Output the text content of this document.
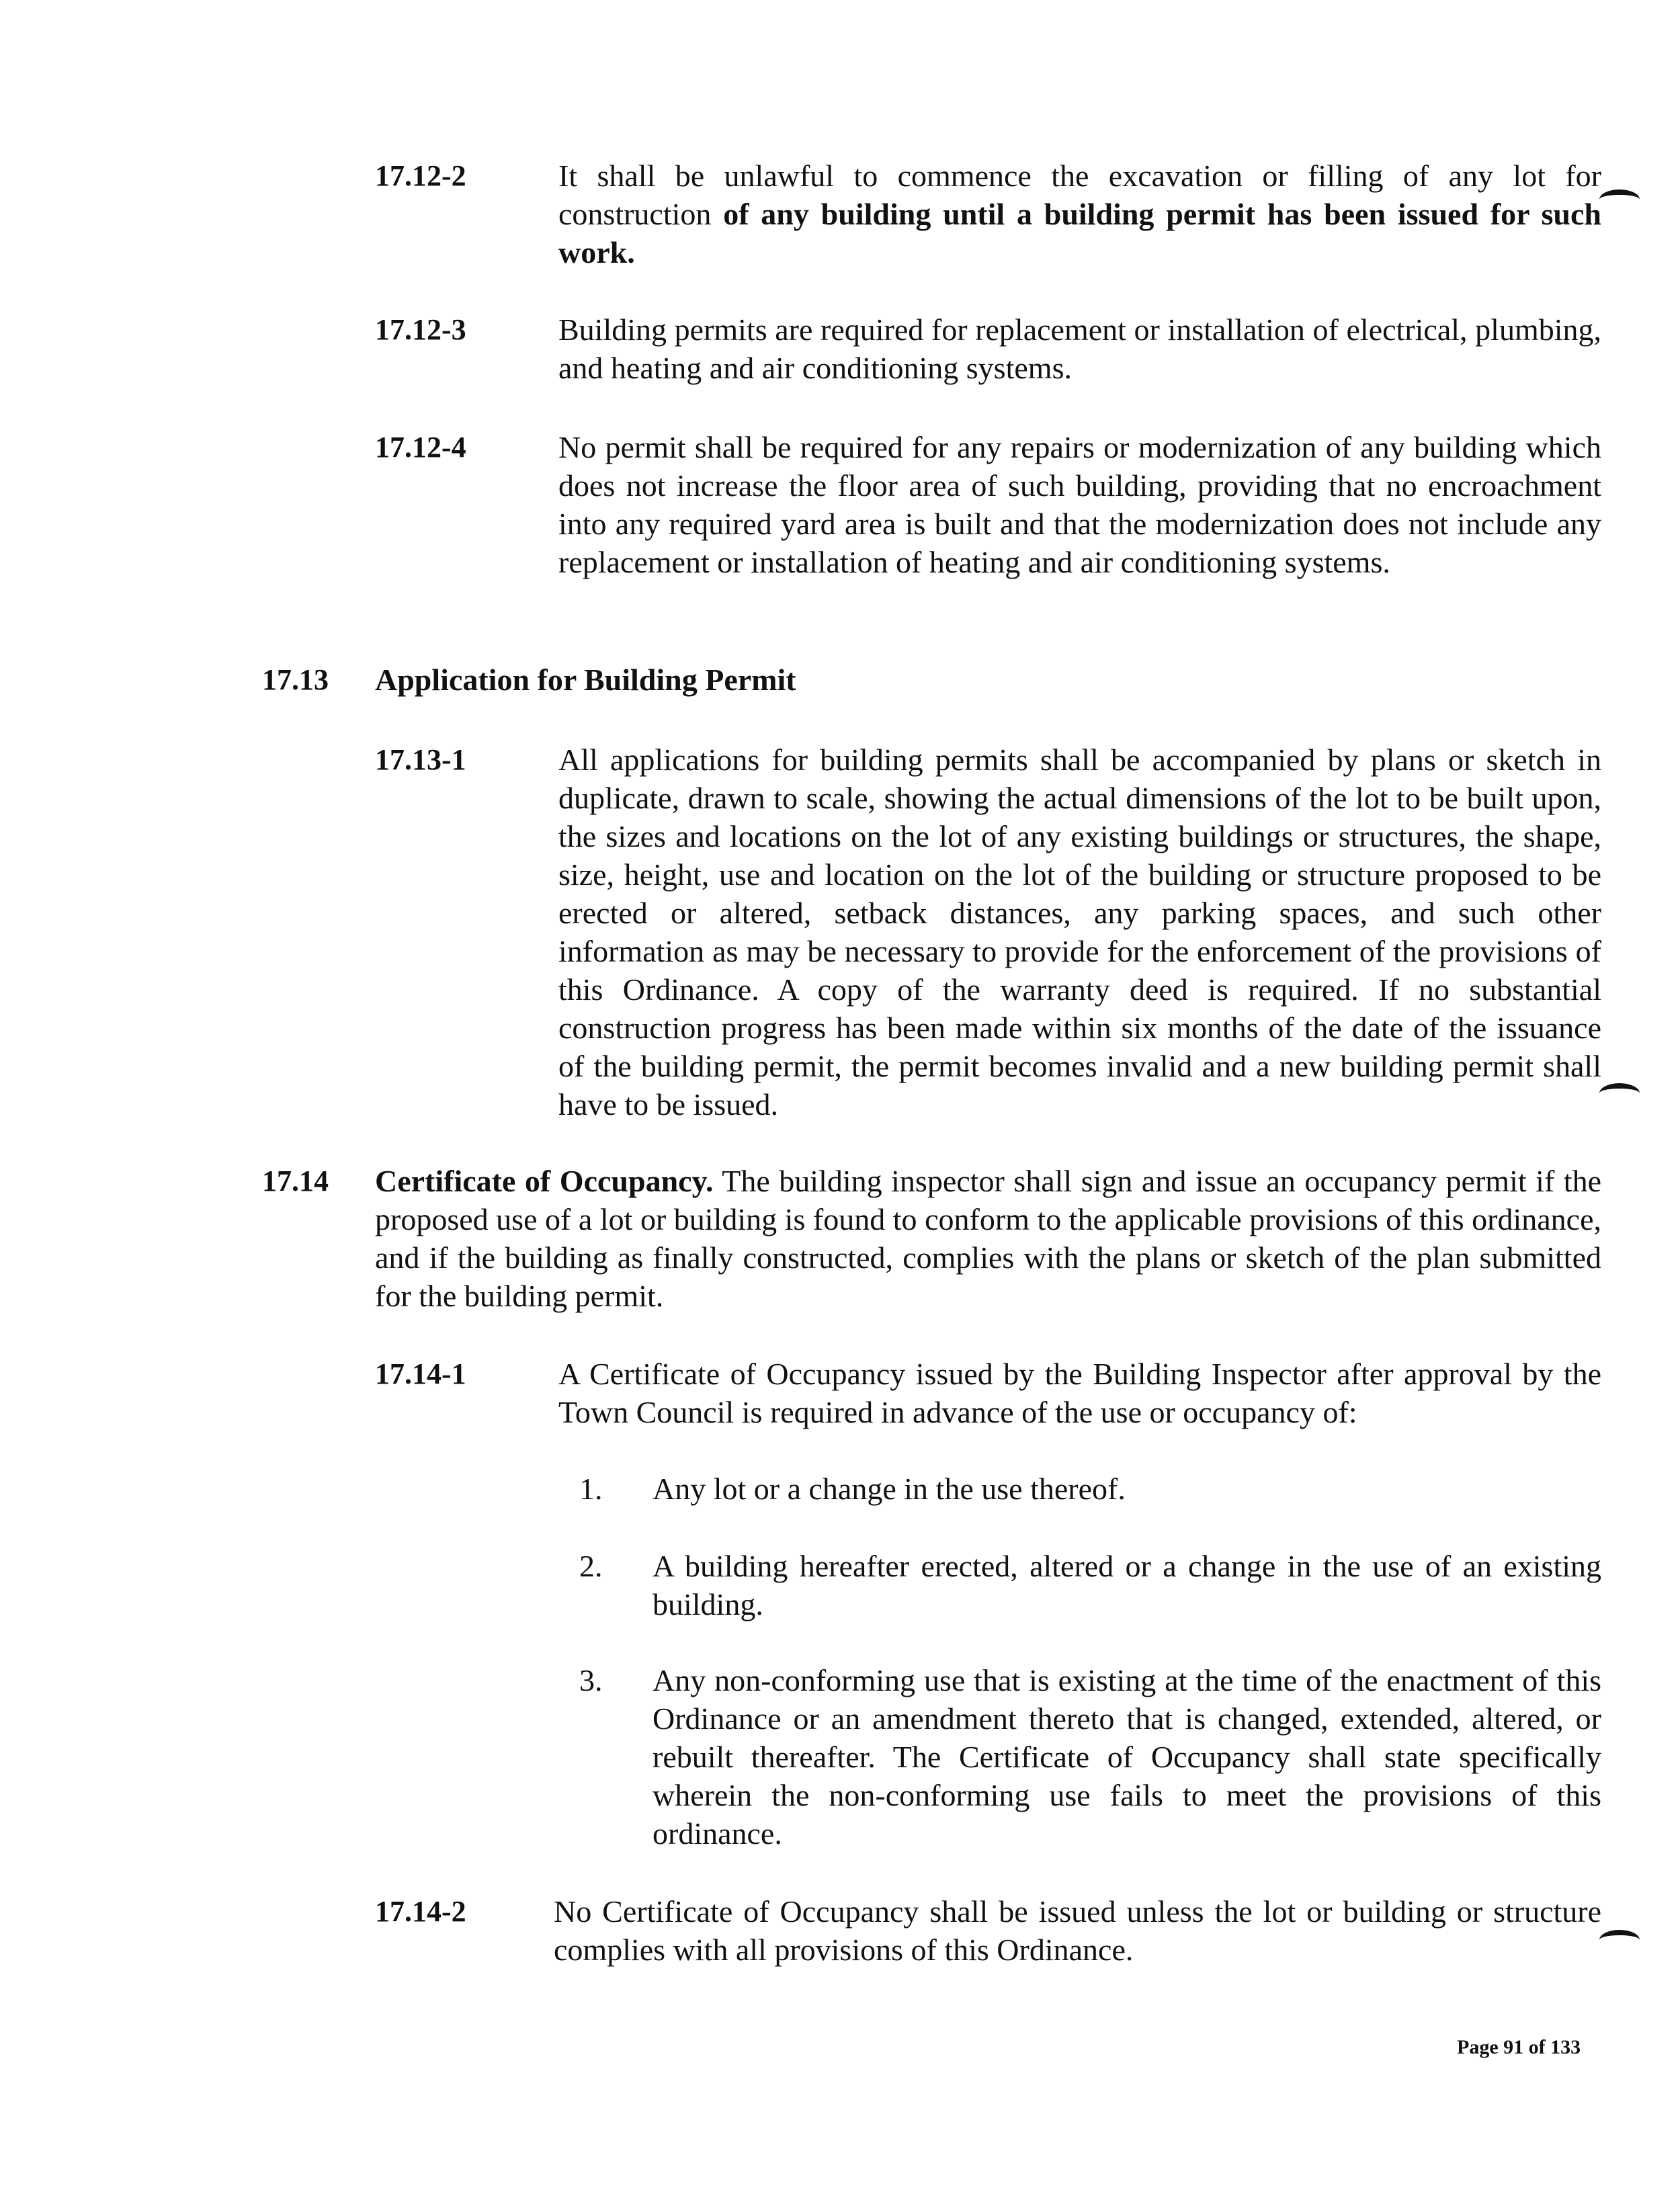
17.12-2	It shall be unlawful to commence the excavation or filling of any lot for construction of any building until a building permit has been issued for such work.
17.12-3	Building permits are required for replacement or installation of electrical, plumbing, and heating and air conditioning systems.
17.12-4	No permit shall be required for any repairs or modernization of any building which does not increase the floor area of such building, providing that no encroachment into any required yard area is built and that the modernization does not include any replacement or installation of heating and air conditioning systems.
17.13 Application for Building Permit
17.13-1	All applications for building permits shall be accompanied by plans or sketch in duplicate, drawn to scale, showing the actual dimensions of the lot to be built upon, the sizes and locations on the lot of any existing buildings or structures, the shape, size, height, use and location on the lot of the building or structure proposed to be erected or altered, setback distances, any parking spaces, and such other information as may be necessary to provide for the enforcement of the provisions of this Ordinance. A copy of the warranty deed is required. If no substantial construction progress has been made within six months of the date of the issuance of the building permit, the permit becomes invalid and a new building permit shall have to be issued.
17.14 Certificate of Occupancy. The building inspector shall sign and issue an occupancy permit if the proposed use of a lot or building is found to conform to the applicable provisions of this ordinance, and if the building as finally constructed, complies with the plans or sketch of the plan submitted for the building permit.
17.14-1	A Certificate of Occupancy issued by the Building Inspector after approval by the Town Council is required in advance of the use or occupancy of:
1. Any lot or a change in the use thereof.
2. A building hereafter erected, altered or a change in the use of an existing building.
3. Any non-conforming use that is existing at the time of the enactment of this Ordinance or an amendment thereto that is changed, extended, altered, or rebuilt thereafter. The Certificate of Occupancy shall state specifically wherein the non-conforming use fails to meet the provisions of this ordinance.
17.14-2	No Certificate of Occupancy shall be issued unless the lot or building or structure complies with all provisions of this Ordinance.
Page 91 of 133
